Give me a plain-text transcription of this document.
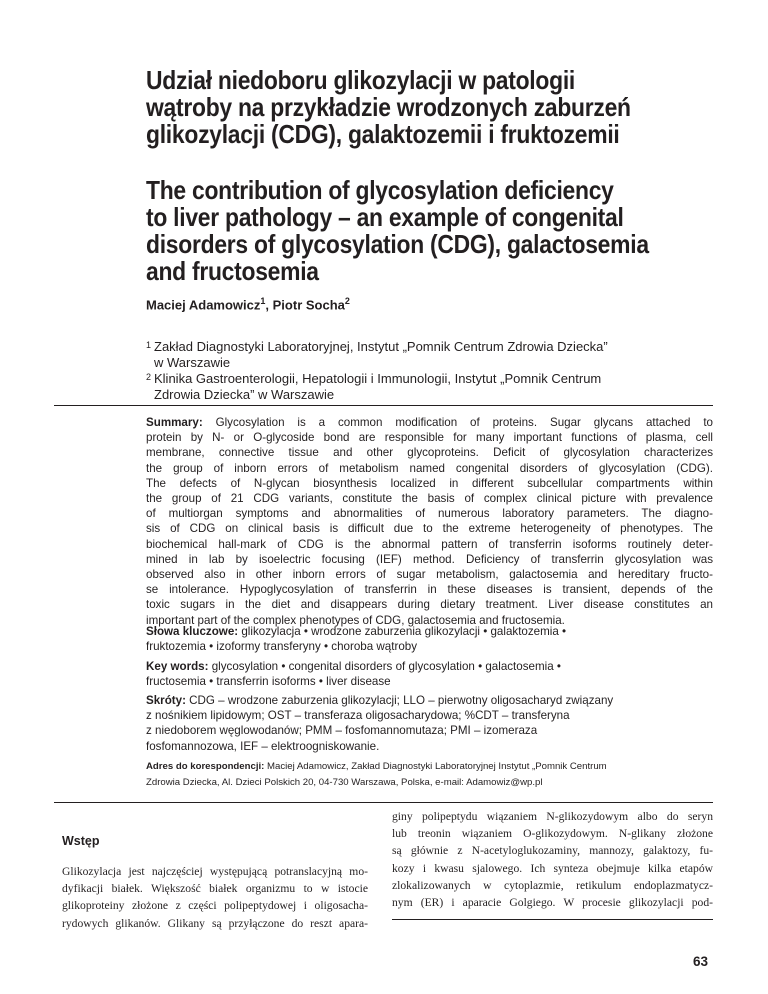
Udział niedoboru glikozylacji w patologii
wątroby na przykładzie wrodzonych zaburzeń
glikozylacji (CDG), galaktozemii i fruktozemii
The contribution of glycosylation deficiency
to liver pathology – an example of congenital
disorders of glycosylation (CDG), galactosemia
and fructosemia
Maciej Adamowicz$^1$, Piotr Socha$^2$
1 Zakład Diagnostyki Laboratoryjnej, Instytut „Pomnik Centrum Zdrowia Dziecka”
w Warszawie
2 Klinika Gastroenterologii, Hepatologii i Immunologii, Instytut „Pomnik Centrum
Zdrowia Dziecka” w Warszawie
Summary: Glycosylation is a common modification of proteins. Sugar glycans attached to
protein by N- or O-glycoside bond are responsible for many important functions of plasma, cell
membrane, connective tissue and other glycoproteins. Deficit of glycosylation characterizes
the group of inborn errors of metabolism named congenital disorders of glycosylation (CDG).
The defects of N-glycan biosynthesis localized in different subcellular compartments within
the group of 21 CDG variants, constitute the basis of complex clinical picture with prevalence
of multiorgan symptoms and abnormalities of numerous laboratory parameters. The diagno-
sis of CDG on clinical basis is difficult due to the extreme heterogeneity of phenotypes. The
biochemical hall-mark of CDG is the abnormal pattern of transferrin isoforms routinely deter-
mined in lab by isoelectric focusing (IEF) method. Deficiency of transferrin glycosylation was
observed also in other inborn errors of sugar metabolism, galactosemia and hereditary fructo-
se intolerance. Hypoglycosylation of transferrin in these diseases is transient, depends of the
toxic sugars in the diet and disappears during dietary treatment. Liver disease constitutes an
important part of the complex phenotypes of CDG, galactosemia and fructosemia.
Słowa kluczowe: glikozylacja • wrodzone zaburzenia glikozylacji • galaktozemia •
fruktozemia • izoformy transferyny • choroba wątroby
Key words: glycosylation • congenital disorders of glycosylation • galactosemia •
fructosemia • transferrin isoforms • liver disease
Skróty: CDG – wrodzone zaburzenia glikozylacji; LLO – pierwotny oligosacharyd związany
z nośnikiem lipidowym; OST – transferaza oligosacharydowa; %CDT – transferyna
z niedoborem węglowodanów; PMM – fosfomannomutaza; PMI – izomeraza
fosfomannozowa, IEF – elektroogniskowanie.
Adres do korespondencji: Maciej Adamowicz, Zakład Diagnostyki Laboratoryjnej Instytut „Pomnik Centrum
Zdrowia Dziecka, Al. Dzieci Polskich 20, 04-730 Warszawa, Polska, e-mail: Adamowiz@wp.pl
Wstęp
Glikozylacja jest najczęściej występującą potranslacyjną mo-
dyfikacji białek. Większość białek organizmu to w istocie
glikoproteiny złożone z części polipeptydowej i oligosacha-
rydowych glikanów. Glikany są przyłączone do reszt apara-
giny polipeptydu wiązaniem N-glikozydowym albo do seryn
lub treonin wiązaniem O-glikozydowym. N-glikany złożone
są głównie z N-acetyloglukozaminy, mannozy, galaktozy, fu-
kozy i kwasu sjalowego. Ich synteza obejmuje kilka etapów
zlokalizowanych w cytoplazmie, retikulum endoplazmatycz-
nym (ER) i aparacie Golgiego. W procesie glikozylacji pod-
63
